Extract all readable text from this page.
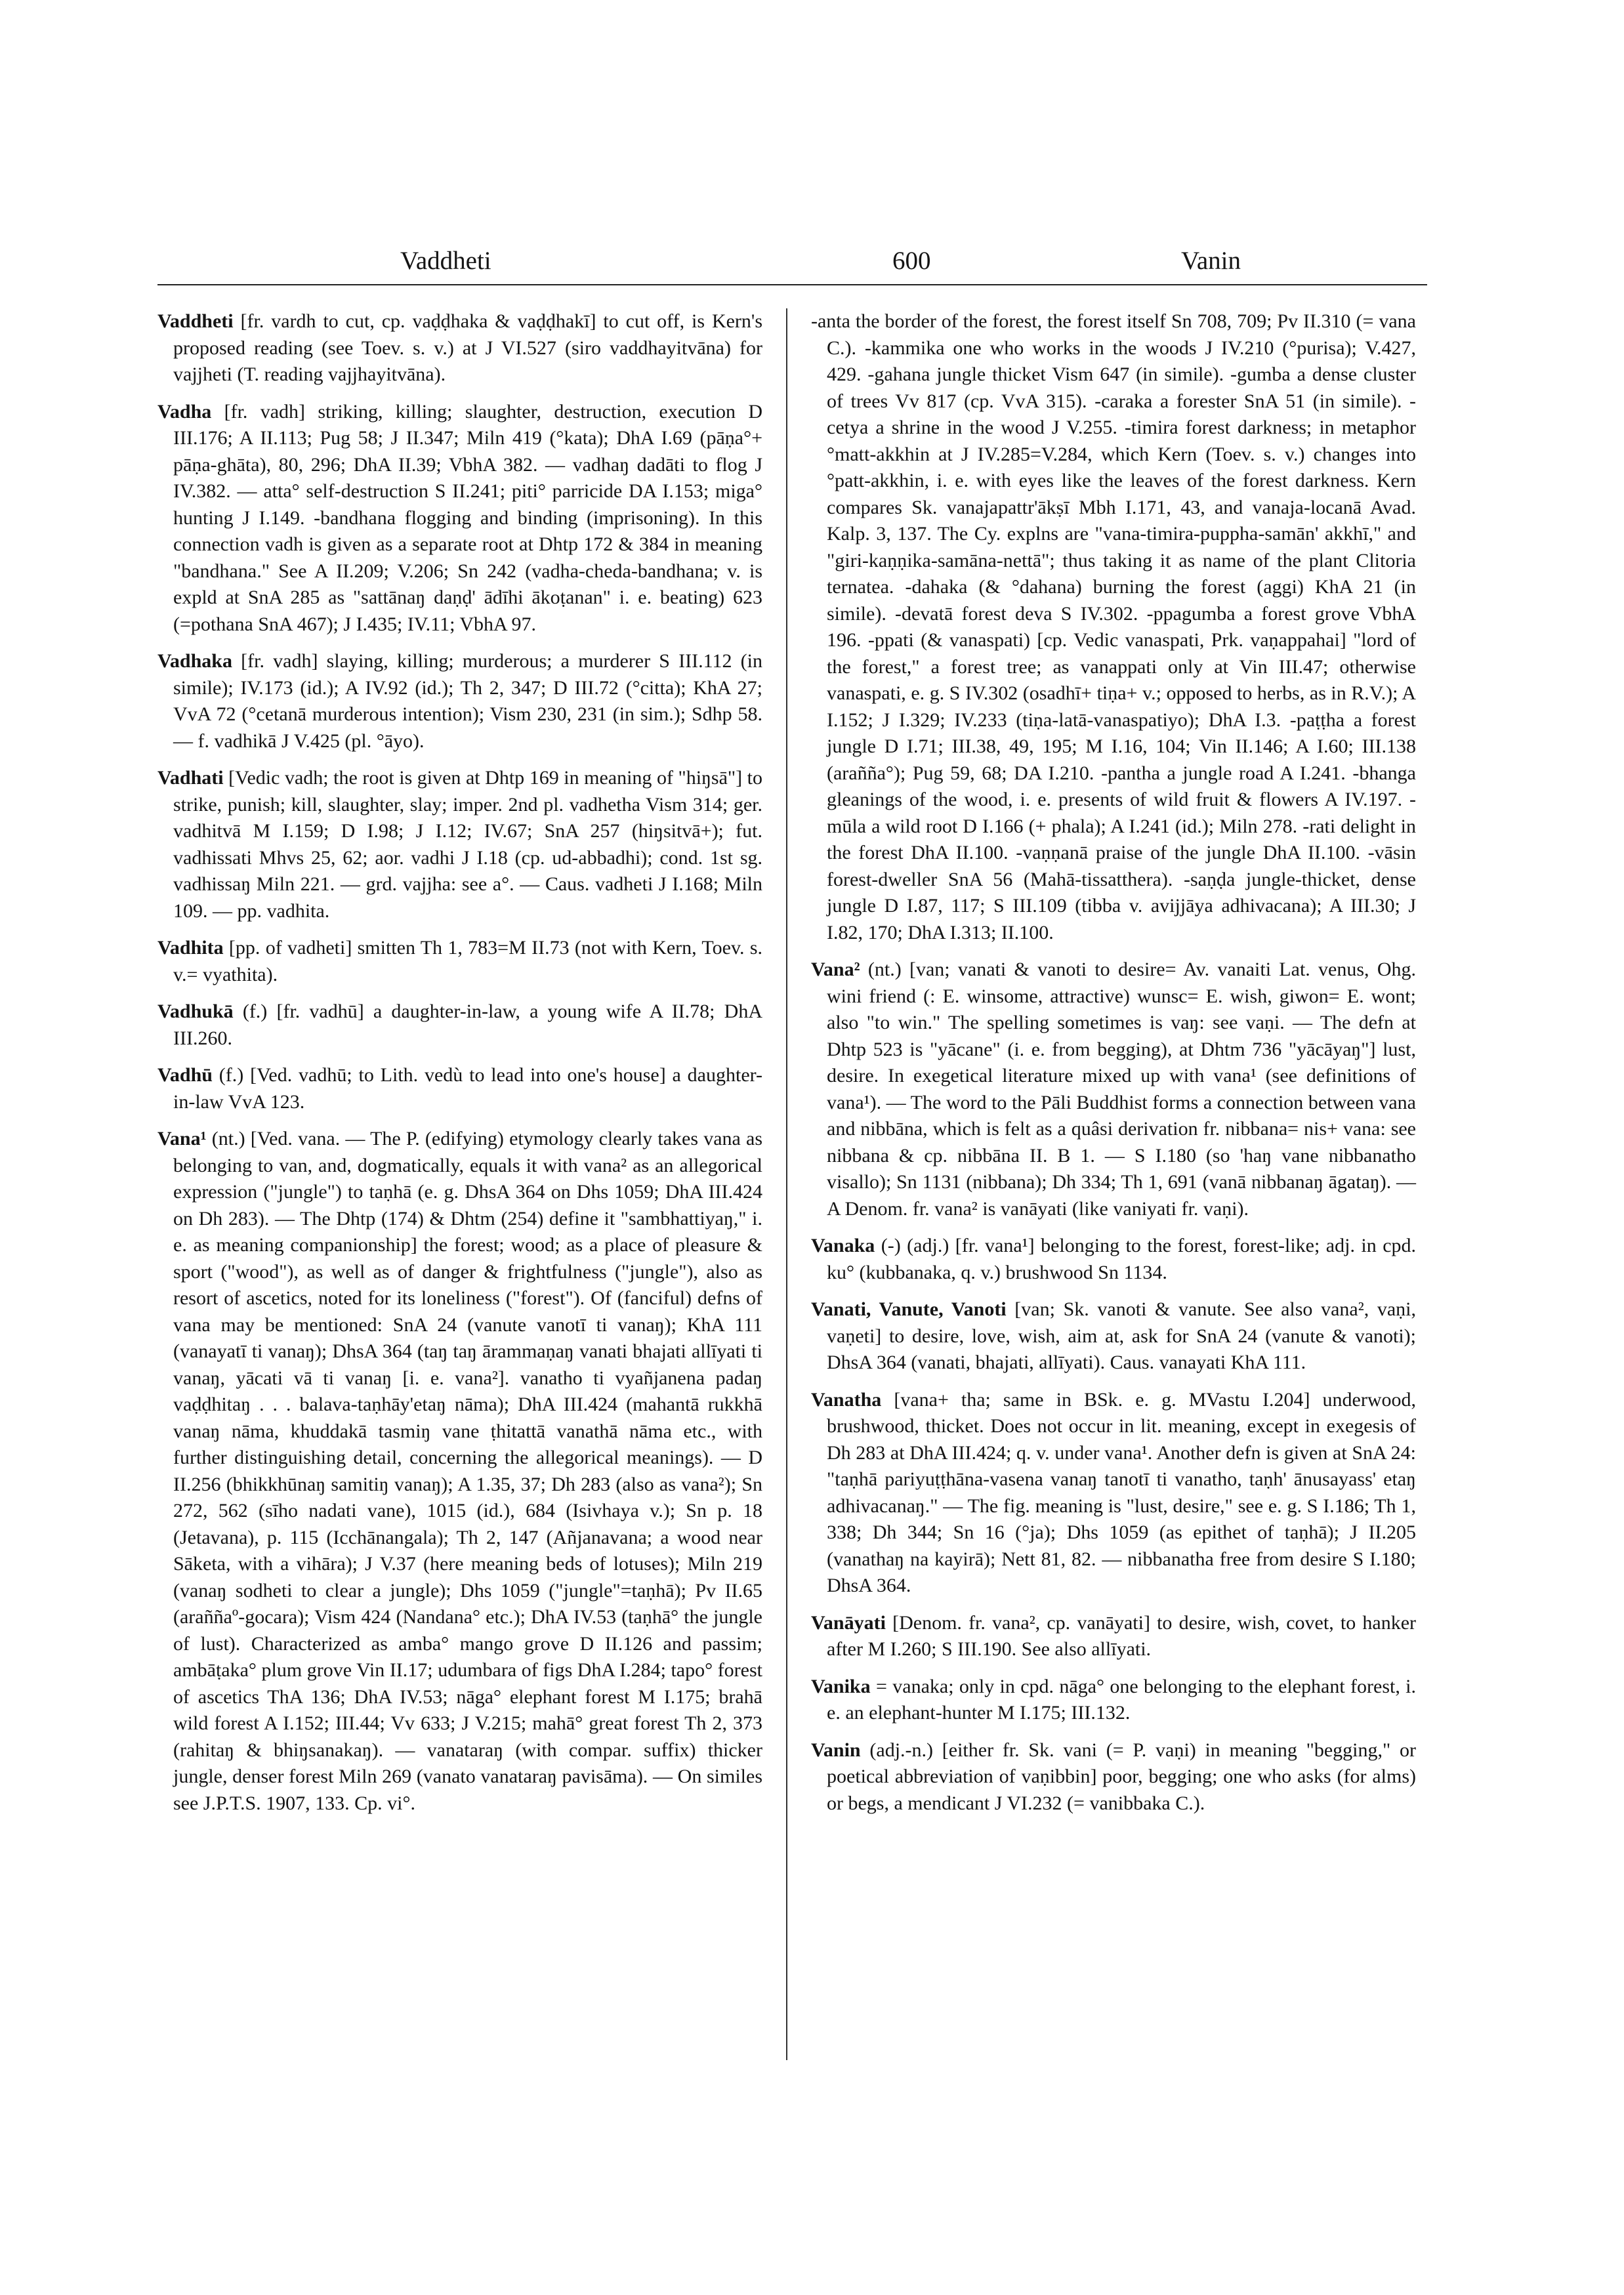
Vaddheti	600	Vanin

Vaddheti [fr. vardh to cut, cp. vaḍḍhaka & vaḍḍhakī] to cut off, is Kern's proposed reading (see Toev. s. v.) at J VI.527 (siro vaddhayitvāna) for vajjheti (T. reading vajjhayitvāna).

Vadha [fr. vadh] striking, killing; slaughter, destruction, execution D III.176; A II.113; Pug 58; J II.347; Miln 419 (°kata); DhA I.69 (pāṇa°+ pāṇa-ghāta), 80, 296; DhA II.39; VbhA 382. — vadhaŋ dadāti to flog J IV.382. — atta° self-destruction S II.241; piti° parricide DA I.153; miga° hunting J I.149. -bandhana flogging and binding (imprisoning). In this connection vadh is given as a separate root at Dhtp 172 & 384 in meaning "bandhana." See A II.209; V.206; Sn 242 (vadha-cheda-bandhana; v. is expld at SnA 285 as "sattānaŋ daṇḍ' ādīhi ākoṭanan" i. e. beating) 623 (=pothana SnA 467); J I.435; IV.11; VbhA 97.

Vadhaka [fr. vadh] slaying, killing; murderous; a murderer S III.112 (in simile); IV.173 (id.); A IV.92 (id.); Th 2, 347; D III.72 (°citta); KhA 27; VvA 72 (°cetanā murderous intention); Vism 230, 231 (in sim.); Sdhp 58. — f. vadhikā J V.425 (pl. °āyo).

Vadhati [Vedic vadh; the root is given at Dhtp 169 in meaning of "hiŋsā"] to strike, punish; kill, slaughter, slay; imper. 2nd pl. vadhetha Vism 314; ger. vadhitvā M I.159; D I.98; J I.12; IV.67; SnA 257 (hiŋsitvā+); fut. vadhissati Mhvs 25, 62; aor. vadhi J I.18 (cp. ud-abbadhi); cond. 1st sg. vadhissaŋ Miln 221. — grd. vajjha: see a°. — Caus. vadheti J I.168; Miln 109. — pp. vadhita.

Vadhita [pp. of vadheti] smitten Th 1, 783=M II.73 (not with Kern, Toev. s. v.= vyathita).

Vadhukā (f.) [fr. vadhū] a daughter-in-law, a young wife A II.78; DhA III.260.

Vadhū (f.) [Ved. vadhū; to Lith. vedù to lead into one's house] a daughter-in-law VvA 123.

Vana¹ (nt.) [Ved. vana. — The P. (edifying) etymology clearly takes vana as belonging to van, and, dogmatically, equals it with vana² as an allegorical expression ("jungle") to taṇhā (e. g. DhsA 364 on Dhs 1059; DhA III.424 on Dh 283). — The Dhtp (174) & Dhtm (254) define it "sambhattiyaŋ," i. e. as meaning companionship] the forest; wood; as a place of pleasure & sport ("wood"), as well as of danger & frightfulness ("jungle"), also as resort of ascetics, noted for its loneliness ("forest"). Of (fanciful) defns of vana may be mentioned: SnA 24 (vanute vanotī ti vanaŋ); KhA 111 (vanayatī ti vanaŋ); DhsA 364 (taŋ taŋ ārammaṇaŋ vanati bhajati allīyati ti vanaŋ, yācati vā ti vanaŋ [i. e. vana²]. vanatho ti vyañjanena padaŋ vaḍḍhitaŋ . . . balava-taṇhāy'etaŋ nāma); DhA III.424 (mahantā rukkhā vanaŋ nāma, khuddakā tasmiŋ vane ṭhitattā vanathā nāma etc., with further distinguishing detail, concerning the allegorical meanings). — D II.256 (bhikkhūnaŋ samitiŋ vanaŋ); A 1.35, 37; Dh 283 (also as vana²); Sn 272, 562 (sīho nadati vane), 1015 (id.), 684 (Isivhaya v.); Sn p. 18 (Jetavana), p. 115 (Icchānangala); Th 2, 147 (Añjanavana; a wood near Sāketa, with a vihāra); J V.37 (here meaning beds of lotuses); Miln 219 (vanaŋ sodheti to clear a jungle); Dhs 1059 ("jungle"=taṇhā); Pv II.65 (araññaº-gocara); Vism 424 (Nandana° etc.); DhA IV.53 (taṇhā° the jungle of lust). Characterized as amba° mango grove D II.126 and passim; ambāṭaka° plum grove Vin II.17; udumbara of figs DhA I.284; tapo° forest of ascetics ThA 136; DhA IV.53; nāga° elephant forest M I.175; brahā wild forest A I.152; III.44; Vv 633; J V.215; mahā° great forest Th 2, 373 (rahitaŋ & bhiŋsanakaŋ). — vanataraŋ (with compar. suffix) thicker jungle, denser forest Miln 269 (vanato vanataraŋ pavisāma). — On similes see J.P.T.S. 1907, 133. Cp. vi°.

-anta the border of the forest, the forest itself Sn 708, 709; Pv II.310 (= vana C.). -kammika one who works in the woods J IV.210 (°purisa); V.427, 429. -gahana jungle thicket Vism 647 (in simile). -gumba a dense cluster of trees Vv 817 (cp. VvA 315). -caraka a forester SnA 51 (in simile). -cetya a shrine in the wood J V.255. -timira forest darkness; in metaphor °matt-akkhin at J IV.285=V.284, which Kern (Toev. s. v.) changes into °patt-akkhin, i. e. with eyes like the leaves of the forest darkness. Kern compares Sk. vanajapattr'ākṣī Mbh I.171, 43, and vanaja-locanā Avad. Kalp. 3, 137. The Cy. explns are "vana-timira-puppha-samān' akkhī," and "giri-kaṇṇika-samāna-nettā"; thus taking it as name of the plant Clitoria ternatea. -dahaka (& °dahana) burning the forest (aggi) KhA 21 (in simile). -devatā forest deva S IV.302. -ppagumba a forest grove VbhA 196. -ppati (& vanaspati) [cp. Vedic vanaspati, Prk. vaṇappahai] "lord of the forest," a forest tree; as vanappati only at Vin III.47; otherwise vanaspati, e. g. S IV.302 (osadhī+ tiṇa+ v.; opposed to herbs, as in R.V.); A I.152; J I.329; IV.233 (tiṇa-latā-vanaspatiyo); DhA I.3. -paṭṭha a forest jungle D I.71; III.38, 49, 195; M I.16, 104; Vin II.146; A I.60; III.138 (arañña°); Pug 59, 68; DA I.210. -pantha a jungle road A I.241. -bhanga gleanings of the wood, i. e. presents of wild fruit & flowers A IV.197. -mūla a wild root D I.166 (+ phala); A I.241 (id.); Miln 278. -rati delight in the forest DhA II.100. -vaṇṇanā praise of the jungle DhA II.100. -vāsin forest-dweller SnA 56 (Mahā-tissatthera). -saṇḍa jungle-thicket, dense jungle D I.87, 117; S III.109 (tibba v. avijjāya adhivacana); A III.30; J I.82, 170; DhA I.313; II.100.

Vana² (nt.) [van; vanati & vanoti to desire= Av. vanaiti Lat. venus, Ohg. wini friend (: E. winsome, attractive) wunsc= E. wish, giwon= E. wont; also "to win." The spelling sometimes is vaŋ: see vaṇi. — The defn at Dhtp 523 is "yācane" (i. e. from begging), at Dhtm 736 "yācāyaŋ"] lust, desire. In exegetical literature mixed up with vana¹ (see definitions of vana¹). — The word to the Pāli Buddhist forms a connection between vana and nibbāna, which is felt as a quâsi derivation fr. nibbana= nis+ vana: see nibbana & cp. nibbāna II. B 1. — S I.180 (so 'haŋ vane nibbanatho visallo); Sn 1131 (nibbana); Dh 334; Th 1, 691 (vanā nibbanaŋ āgataŋ). — A Denom. fr. vana² is vanāyati (like vaniyati fr. vaṇi).

Vanaka (-) (adj.) [fr. vana¹] belonging to the forest, forest-like; adj. in cpd. ku° (kubbanaka, q. v.) brushwood Sn 1134.

Vanati, Vanute, Vanoti [van; Sk. vanoti & vanute. See also vana², vaṇi, vaṇeti] to desire, love, wish, aim at, ask for SnA 24 (vanute & vanoti); DhsA 364 (vanati, bhajati, allīyati). Caus. vanayati KhA 111.

Vanatha [vana+ tha; same in BSk. e. g. MVastu I.204] underwood, brushwood, thicket. Does not occur in lit. meaning, except in exegesis of Dh 283 at DhA III.424; q. v. under vana¹. Another defn is given at SnA 24: "taṇhā pariyuṭṭhāna-vasena vanaŋ tanotī ti vanatho, taṇh' ānusayass' etaŋ adhivacanaŋ." — The fig. meaning is "lust, desire," see e. g. S I.186; Th 1, 338; Dh 344; Sn 16 (°ja); Dhs 1059 (as epithet of taṇhā); J II.205 (vanathaŋ na kayirā); Nett 81, 82. — nibbanatha free from desire S I.180; DhsA 364.

Vanāyati [Denom. fr. vana², cp. vanāyati] to desire, wish, covet, to hanker after M I.260; S III.190. See also allīyati.

Vanika = vanaka; only in cpd. nāga° one belonging to the elephant forest, i. e. an elephant-hunter M I.175; III.132.

Vanin (adj.-n.) [either fr. Sk. vani (= P. vaṇi) in meaning "begging," or poetical abbreviation of vaṇibbin] poor, begging; one who asks (for alms) or begs, a mendicant J VI.232 (= vanibbaka C.).
